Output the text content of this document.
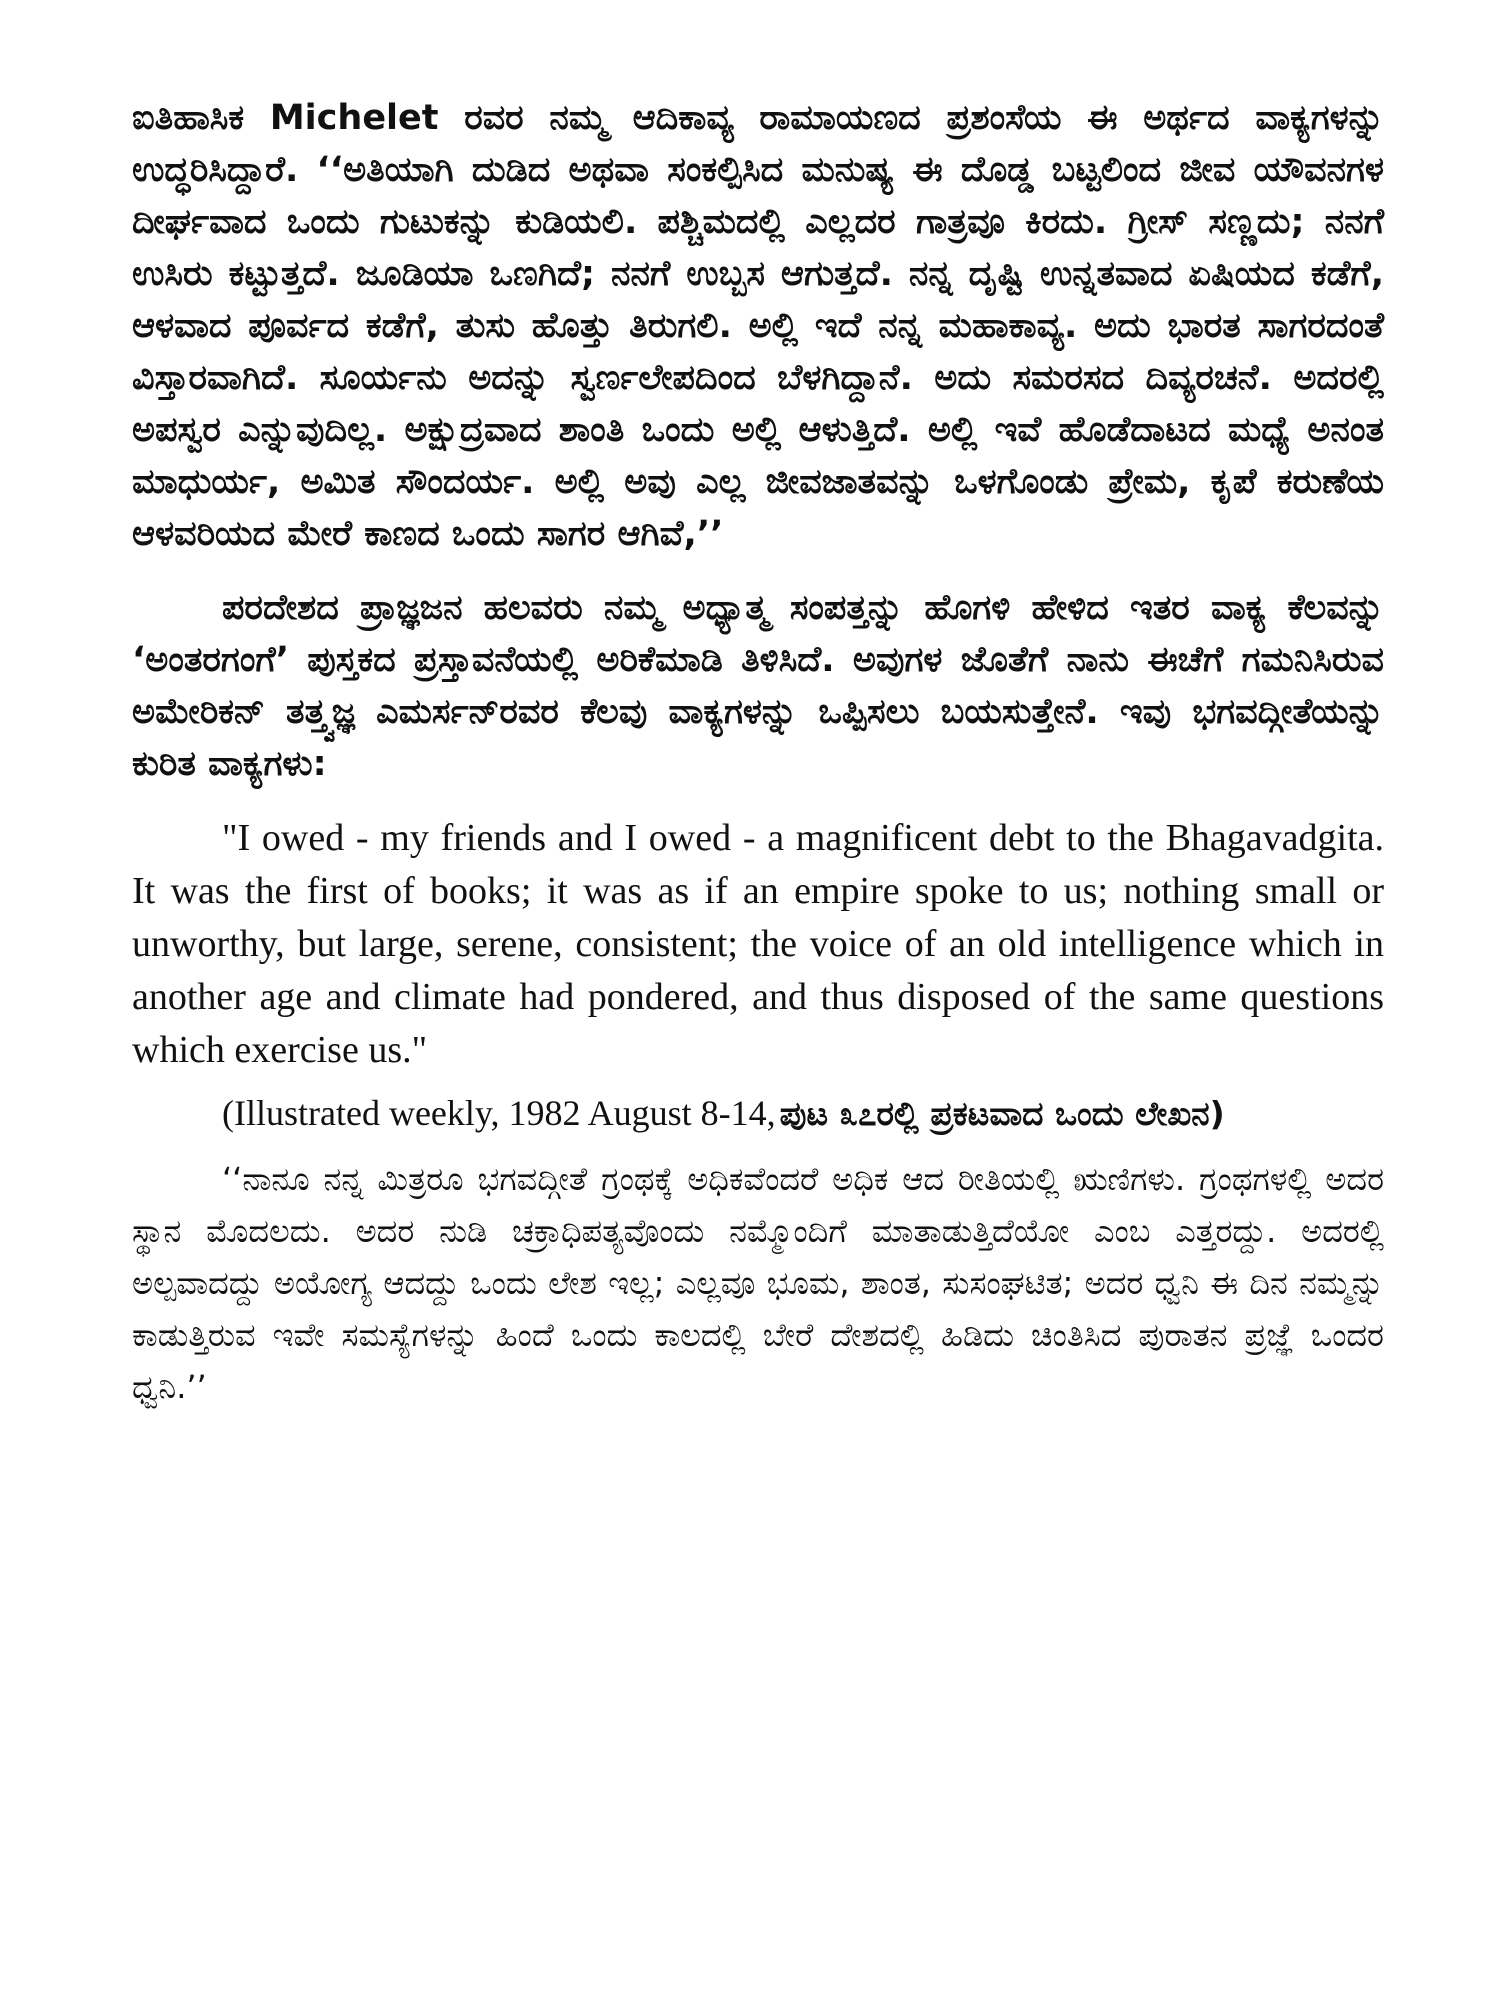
ಐತಿಹಾಸಿಕ Michelet ರವರ ನಮ್ಮ ಆದಿಕಾವ್ಯ ರಾಮಾಯಣದ ಪ್ರಶಂಸೆಯ ಈ ಅರ್ಥದ ವಾಕ್ಯಗಳನ್ನು ಉದ್ಧರಿಸಿದ್ದಾರೆ. ‘‘ಅತಿಯಾಗಿ ದುಡಿದ ಅಥವಾ ಸಂಕಲ್ಪಿಸಿದ ಮನುಷ್ಯ ಈ ದೊಡ್ಡ ಬಟ್ಟಲಿಂದ ಜೀವ ಯೌವನಗಳ ದೀರ್ಘವಾದ ಒಂದು ಗುಟುಕನ್ನು ಕುಡಿಯಲಿ. ಪಶ್ಚಿಮದಲ್ಲಿ ಎಲ್ಲದರ ಗಾತ್ರವೂ ಕಿರದು. ಗ್ರೀಸ್ ಸಣ್ಣದು; ನನಗೆ ಉಸಿರು ಕಟ್ಟುತ್ತದೆ. ಜೂಡಿಯಾ ಒಣಗಿದೆ; ನನಗೆ ಉಬ್ಬಸ ಆಗುತ್ತದೆ. ನನ್ನ ದೃಷ್ಟಿ ಉನ್ನತವಾದ ಏಷಿಯದ ಕಡೆಗೆ, ಆಳವಾದ ಪೂರ್ವದ ಕಡೆಗೆ, ತುಸು ಹೊತ್ತು ತಿರುಗಲಿ. ಅಲ್ಲಿ ಇದೆ ನನ್ನ ಮಹಾಕಾವ್ಯ. ಅದು ಭಾರತ ಸಾಗರದಂತೆ ವಿಸ್ತಾರವಾಗಿದೆ. ಸೂರ್ಯನು ಅದನ್ನು ಸ್ವರ್ಣಲೇಪದಿಂದ ಬೆಳಗಿದ್ದಾನೆ. ಅದು ಸಮರಸದ ದಿವ್ಯರಚನೆ. ಅದರಲ್ಲಿ ಅಪಸ್ವರ ಎನ್ನುವುದಿಲ್ಲ. ಅಕ್ಷುದ್ರವಾದ ಶಾಂತಿ ಒಂದು ಅಲ್ಲಿ ಆಳುತ್ತಿದೆ. ಅಲ್ಲಿ ಇವೆ ಹೊಡೆದಾಟದ ಮಧ್ಯೆ ಅನಂತ ಮಾಧುರ್ಯ, ಅಮಿತ ಸೌಂದರ್ಯ. ಅಲ್ಲಿ ಅವು ಎಲ್ಲ ಜೀವಜಾತವನ್ನು ಒಳಗೊಂಡು ಪ್ರೇಮ, ಕೃಪೆ ಕರುಣೆಯ ಆಳವರಿಯದ ಮೇರೆ ಕಾಣದ ಒಂದು ಸಾಗರ ಆಗಿವೆ,’’

ಪರದೇಶದ ಪ್ರಾಜ್ಞಜನ ಹಲವರು ನಮ್ಮ ಅಧ್ಯಾತ್ಮ ಸಂಪತ್ತನ್ನು ಹೊಗಳಿ ಹೇಳಿದ ಇತರ ವಾಕ್ಯ ಕೆಲವನ್ನು ‘ಅಂತರಗಂಗೆ’ ಪುಸ್ತಕದ ಪ್ರಸ್ತಾವನೆಯಲ್ಲಿ ಅರಿಕೆಮಾಡಿ ತಿಳಿಸಿದೆ. ಅವುಗಳ ಜೊತೆಗೆ ನಾನು ಈಚೆಗೆ ಗಮನಿಸಿರುವ ಅಮೇರಿಕನ್ ತತ್ತ್ವಜ್ಞ ಎಮರ್ಸನ್‌ರವರ ಕೆಲವು ವಾಕ್ಯಗಳನ್ನು ಒಪ್ಪಿಸಲು ಬಯಸುತ್ತೇನೆ. ಇವು ಭಗವದ್ಗೀತೆಯನ್ನು ಕುರಿತ ವಾಕ್ಯಗಳು:

"I owed - my friends and I owed - a magnificent debt to the Bhagavadgita. It was the first of books; it was as if an empire spoke to us; nothing small or unworthy, but large, serene, consistent; the voice of an old intelligence which in another age and climate had pondered, and thus disposed of the same questions which exercise us."

(Illustrated weekly, 1982 August 8-14, ಪುಟ ೩೭ರಲ್ಲಿ ಪ್ರಕಟವಾದ ಒಂದು ಲೇಖನ)

‘‘ನಾನೂ ನನ್ನ ಮಿತ್ರರೂ ಭಗವದ್ಗೀತೆ ಗ್ರಂಥಕ್ಕೆ ಅಧಿಕವೆಂದರೆ ಅಧಿಕ ಆದ ರೀತಿಯಲ್ಲಿ ಋಣಿಗಳು. ಗ್ರಂಥಗಳಲ್ಲಿ ಅದರ ಸ್ಥಾನ ಮೊದಲದು. ಅದರ ನುಡಿ ಚಕ್ರಾಧಿಪತ್ಯವೊಂದು ನಮ್ಮೊಂದಿಗೆ ಮಾತಾಡುತ್ತಿದೆಯೋ ಎಂಬ ಎತ್ತರದ್ದು. ಅದರಲ್ಲಿ ಅಲ್ಪವಾದದ್ದು ಅಯೋಗ್ಯ ಆದದ್ದು ಒಂದು ಲೇಶ ಇಲ್ಲ; ಎಲ್ಲವೂ ಭೂಮ, ಶಾಂತ, ಸುಸಂಘಟಿತ; ಅದರ ಧ್ವನಿ ಈ ದಿನ ನಮ್ಮನ್ನು ಕಾಡುತ್ತಿರುವ ಇವೇ ಸಮಸ್ಯೆಗಳನ್ನು ಹಿಂದೆ ಒಂದು ಕಾಲದಲ್ಲಿ ಬೇರೆ ದೇಶದಲ್ಲಿ ಹಿಡಿದು ಚಿಂತಿಸಿದ ಪುರಾತನ ಪ್ರಜ್ಞೆ ಒಂದರ ಧ್ವನಿ.’’
